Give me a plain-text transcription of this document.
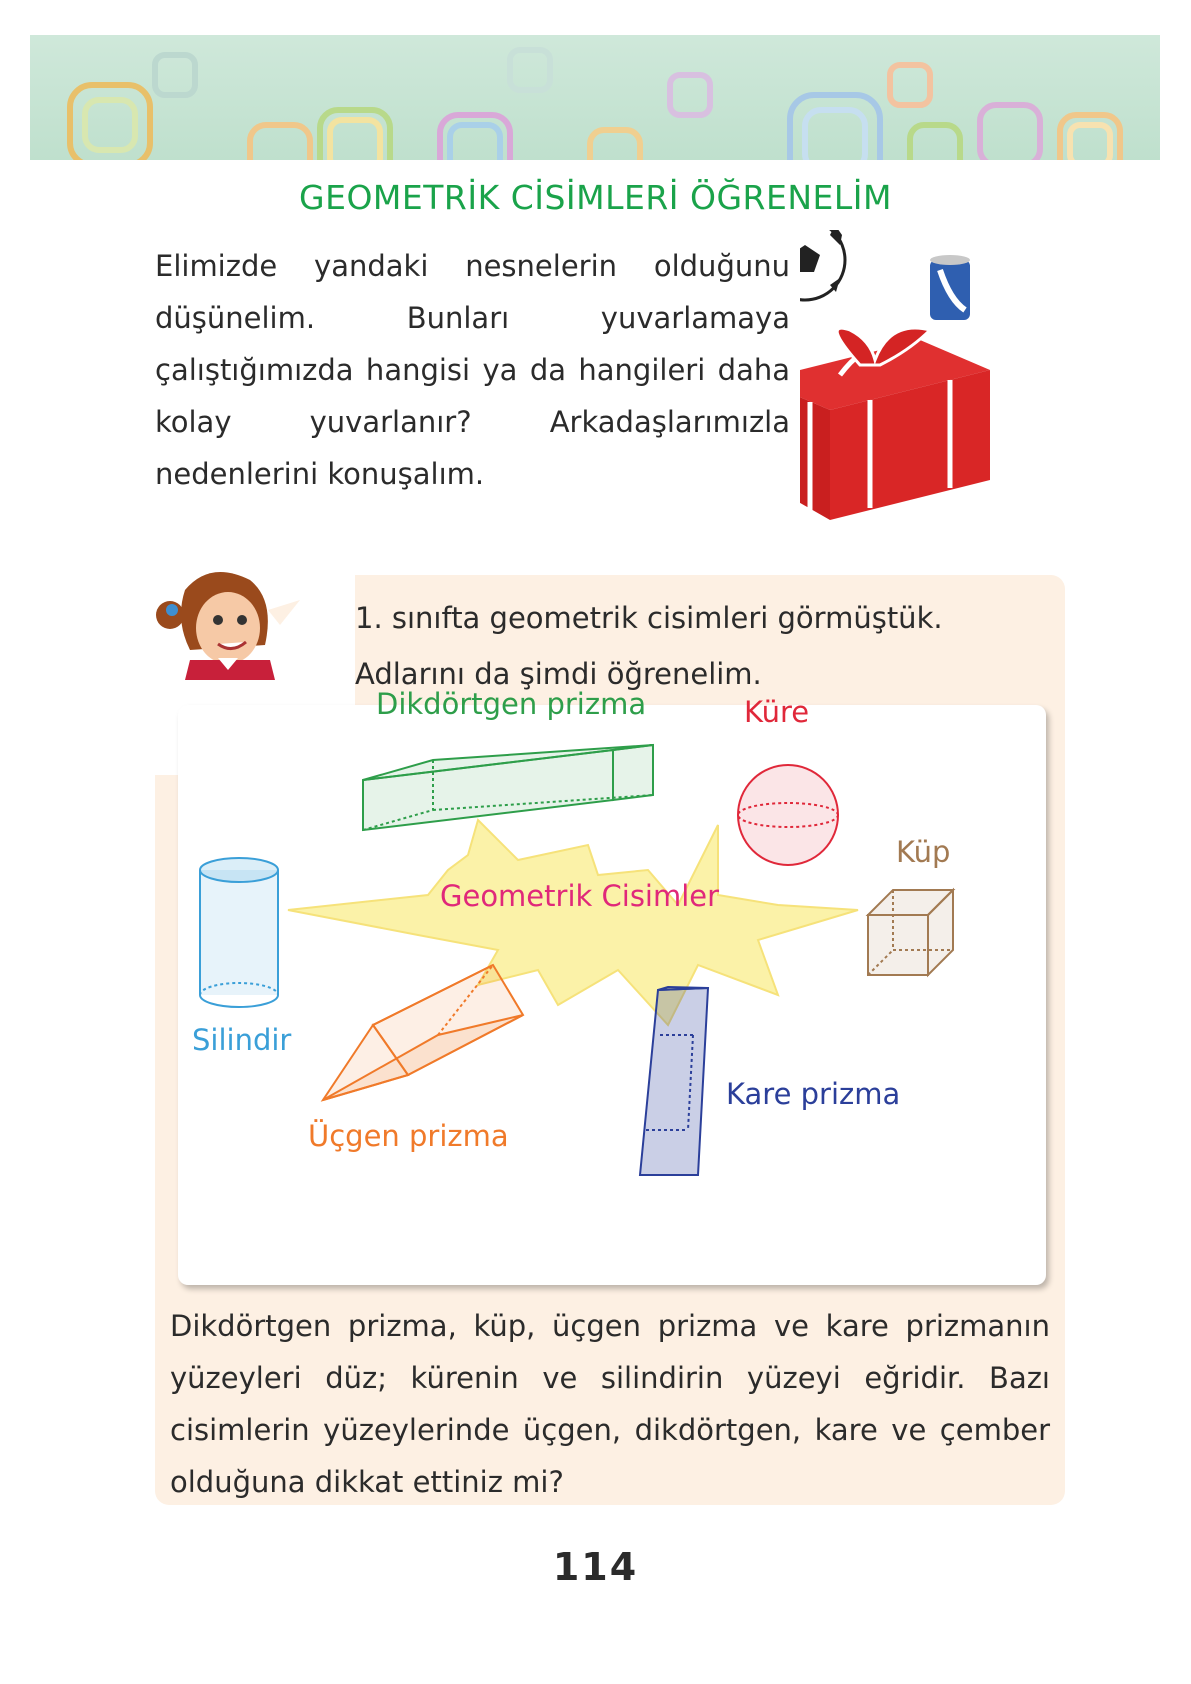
GEOMETRİK CİSİMLERİ ÖĞRENELİM
Elimizde yandaki nesnelerin olduğunu düşünelim. Bunları yuvarlamaya çalıştığımızda hangisi ya da hangileri daha kolay yuvarlanır? Arkadaşlarımızla nedenlerini konuşalım.
1. sınıfta geometrik cisimleri görmüştük. Adlarını da şimdi öğrenelim.
Dikdörtgen prizma	Küre
Küp
Geometrik Cisimler
Silindir
Kare prizma
Üçgen prizma
Dikdörtgen prizma, küp, üçgen prizma ve kare prizmanın yüzeyleri düz; kürenin ve silindirin yüzeyi eğridir. Bazı cisimlerin yüzeylerinde üçgen, dikdörtgen, kare ve çember olduğuna dikkat ettiniz mi?
114
